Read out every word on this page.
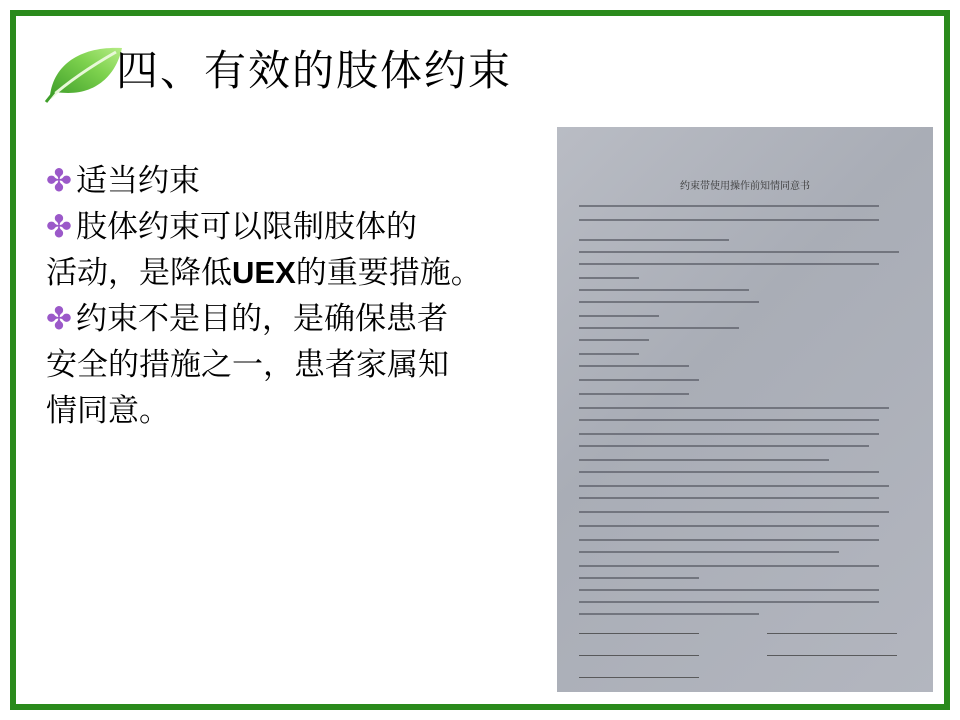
四、有效的肢体约束
✤ 适当约束
✤ 肢体约束可以限制肢体的
活动，是降低UEX的重要措施。
✤ 约束不是目的，是确保患者
安全的措施之一，患者家属知
情同意。
约束带使用操作前知情同意书
